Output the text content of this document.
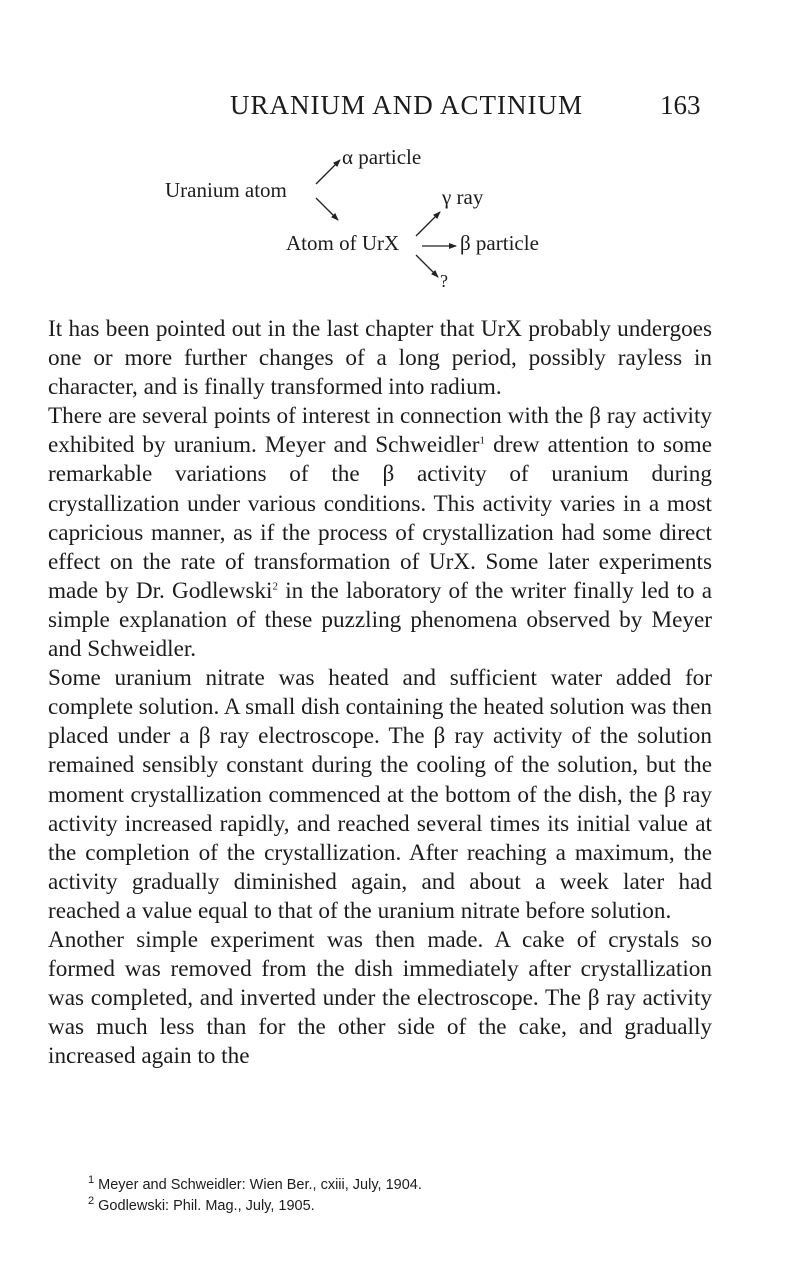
URANIUM AND ACTINIUM	163
α particle
Uranium atom	γ ray
Atom of UrX	β particle
?

It has been pointed out in the last chapter that UrX probably undergoes one or more further changes of a long period, possibly rayless in character, and is finally transformed into radium.

There are several points of interest in connection with the β ray activity exhibited by uranium. Meyer and Schweidler$^1$ drew attention to some remarkable variations of the β activity of uranium during crystallization under various conditions. This activity varies in a most capricious manner, as if the process of crystallization had some direct effect on the rate of transformation of UrX. Some later experiments made by Dr. Godlewski$^2$ in the laboratory of the writer finally led to a simple explanation of these puzzling phenomena observed by Meyer and Schweidler.

Some uranium nitrate was heated and sufficient water added for complete solution. A small dish containing the heated solution was then placed under a β ray electroscope. The β ray activity of the solution remained sensibly constant during the cooling of the solution, but the moment crystallization commenced at the bottom of the dish, the β ray activity increased rapidly, and reached several times its initial value at the completion of the crystallization. After reaching a maximum, the activity gradually diminished again, and about a week later had reached a value equal to that of the uranium nitrate before solution.

Another simple experiment was then made. A cake of crystals so formed was removed from the dish immediately after crystallization was completed, and inverted under the electroscope. The β ray activity was much less than for the other side of the cake, and gradually increased again to the

$^1$ Meyer and Schweidler: Wien Ber., cxiii, July, 1904.
$^2$ Godlewski: Phil. Mag., July, 1905.
